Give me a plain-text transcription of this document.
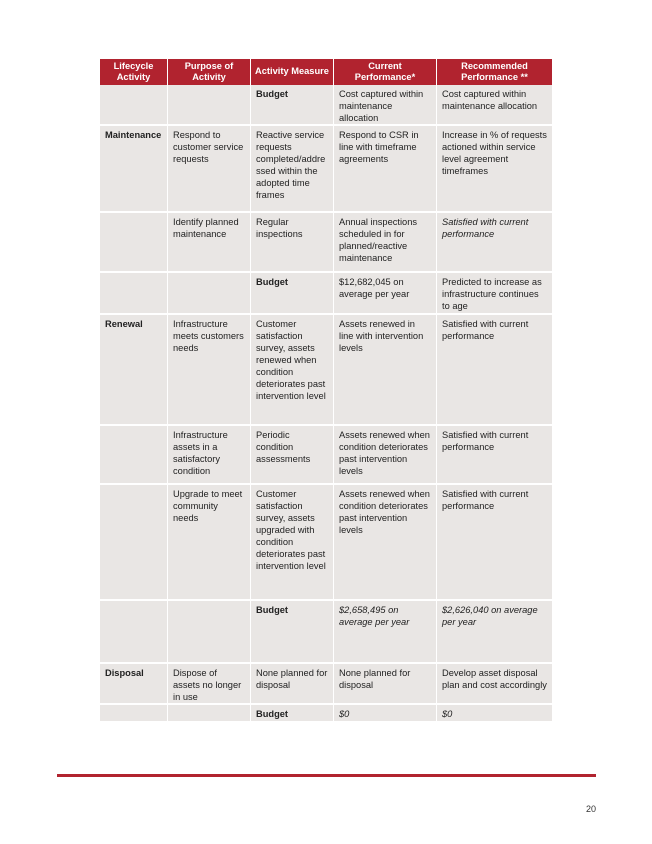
Lifecycle Activity	Purpose of Activity	Activity Measure	Current Performance*	Recommended Performance **
		Budget	Cost captured within maintenance allocation	Cost captured within maintenance allocation
Maintenance	Respond to customer service requests	Reactive service requests completed/addressed within the adopted time frames	Respond to CSR in line with timeframe agreements	Increase in % of requests actioned within service level agreement timeframes
	Identify planned maintenance	Regular inspections	Annual inspections scheduled in for planned/reactive maintenance	Satisfied with current performance
		Budget	$12,682,045 on average per year	Predicted to increase as infrastructure continues to age
Renewal	Infrastructure meets customers needs	Customer satisfaction survey, assets renewed when condition deteriorates past intervention level	Assets renewed in line with intervention levels	Satisfied with current performance
	Infrastructure assets in a satisfactory condition	Periodic condition assessments	Assets renewed when condition deteriorates past intervention levels	Satisfied with current performance
	Upgrade to meet community needs	Customer satisfaction survey, assets upgraded with condition deteriorates past intervention level	Assets renewed when condition deteriorates past intervention levels	Satisfied with current performance
		Budget	$2,658,495 on average per year	$2,626,040 on average per year
Disposal	Dispose of assets no longer in use	None planned for disposal	None planned for disposal	Develop asset disposal plan and cost accordingly
		Budget	$0	$0
20
